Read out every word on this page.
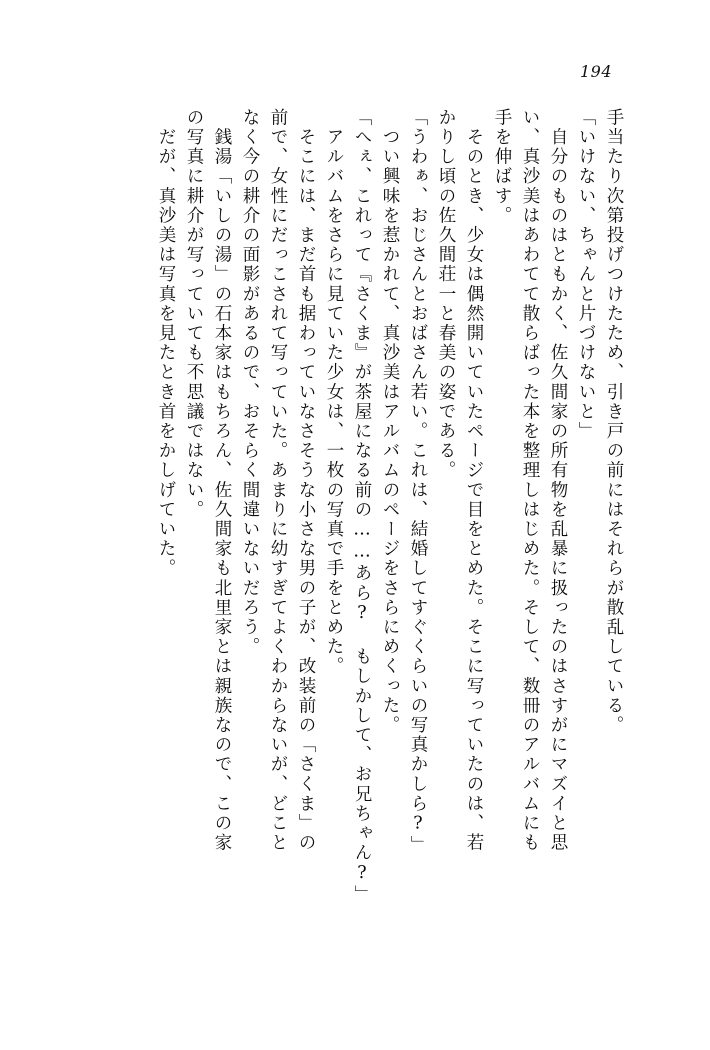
194
手当たり次第投げつけたため、引き戸の前にはそれらが散乱している。
「いけない、ちゃんと片づけないと」
　自分のものはともかく、佐久間家の所有物を乱暴に扱ったのはさすがにマズイと思
い、真沙美はあわてて散らばった本を整理しはじめた。そして、数冊のアルバムにも
手を伸ばす。
　そのとき、少女は偶然開いていたページで目をとめた。そこに写っていたのは、若
かりし頃の佐久間荘一と春美の姿である。
「うわぁ、おじさんとおばさん若い。これは、結婚してすぐくらいの写真かしら?」
　つい興味を惹かれて、真沙美はアルバムのページをさらにめくった。
「へぇ、これって『さくま』が茶屋になる前の……あら? もしかして、お兄ちゃん?」
　アルバムをさらに見ていた少女は、一枚の写真で手をとめた。
　そこには、まだ首も据わっていなさそうな小さな男の子が、改装前の「さくま」の
前で、女性にだっこされて写っていた。あまりに幼すぎてよくわからないが、どこと
なく今の耕介の面影があるので、おそらく間違いないだろう。
　銭湯「いしの湯」の石本家はもちろん、佐久間家も北里家とは親族なので、この家
の写真に耕介が写っていても不思議ではない。
　だが、真沙美は写真を見たとき首をかしげていた。
